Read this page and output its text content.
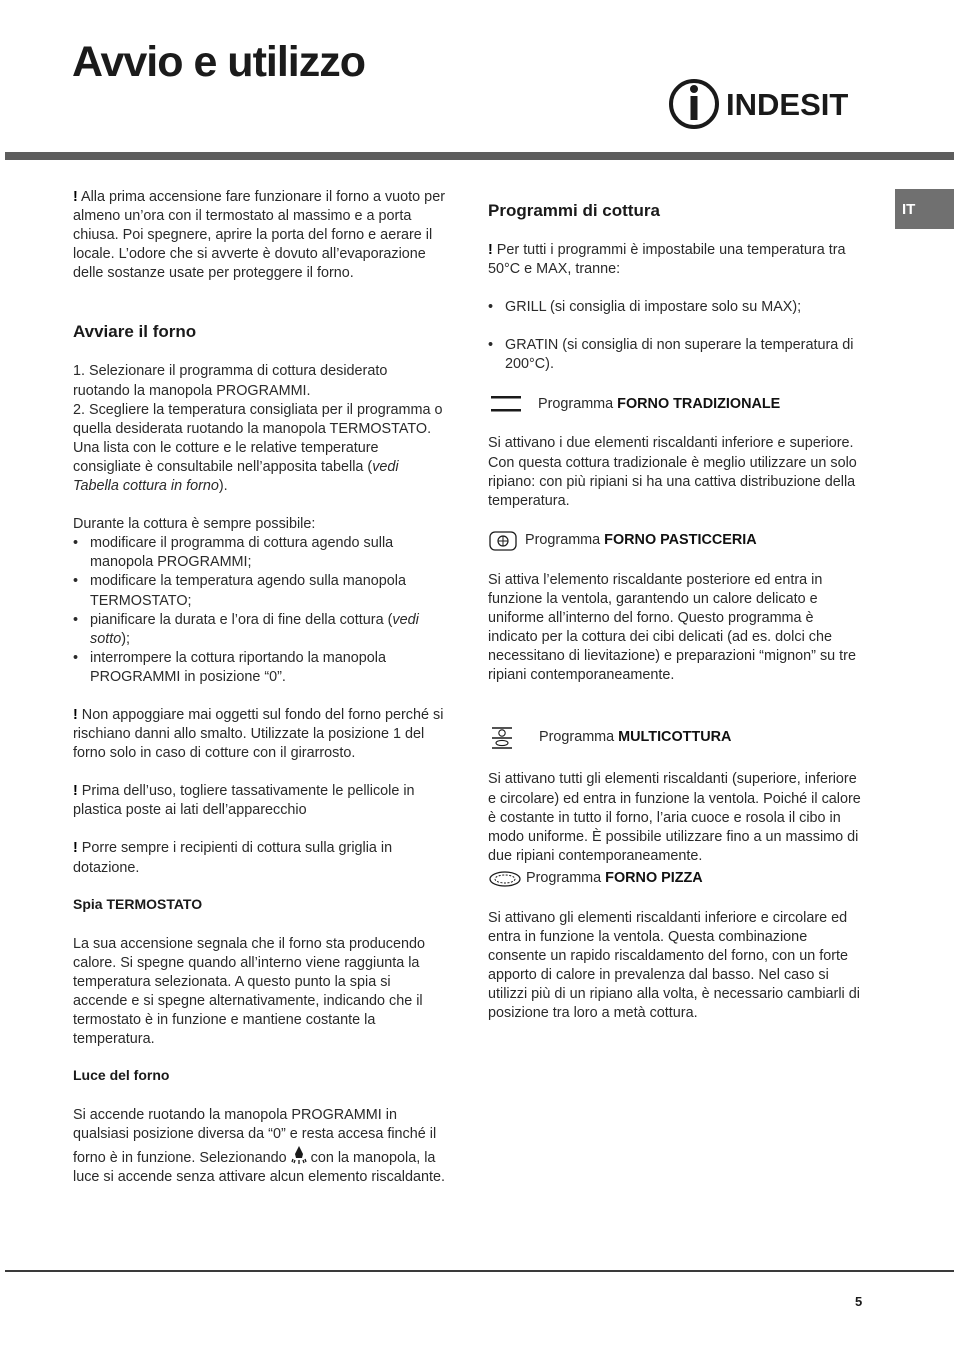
Avvio e utilizzo
INDESIT
IT

! Alla prima accensione fare funzionare il forno a vuoto per almeno un’ora con il termostato al massimo e a porta chiusa. Poi spegnere, aprire la porta del forno e aerare il locale. L’odore che si avverte è dovuto all’evaporazione delle sostanze usate per proteggere il forno.

Avviare il forno

1. Selezionare il programma di cottura desiderato ruotando la manopola PROGRAMMI.

2. Scegliere la temperatura consigliata per il programma o quella desiderata ruotando la manopola TERMOSTATO.

Una lista con le cotture e le relative temperature consigliate è consultabile nell’apposita tabella (vedi Tabella cottura in forno).

Durante la cottura è sempre possibile:

• modificare il programma di cottura agendo sulla manopola PROGRAMMI;
• modificare la temperatura agendo sulla manopola TERMOSTATO;
• pianificare la durata e l’ora di fine della cottura (vedi sotto);
• interrompere la cottura riportando la manopola PROGRAMMI in posizione “0”.

! Non appoggiare mai oggetti sul fondo del forno perché si rischiano danni allo smalto. Utilizzate la posizione 1 del forno solo in caso di cotture con il girarrosto.

! Prima dell’uso, togliere tassativamente le pellicole in plastica poste ai lati dell’apparecchio

! Porre sempre i recipienti di cottura sulla griglia in dotazione.

Spia TERMOSTATO

La sua accensione segnala che il forno sta producendo calore. Si spegne quando all’interno viene raggiunta la temperatura selezionata. A questo punto la spia si accende e si spegne alternativamente, indicando che il termostato è in funzione e mantiene costante la temperatura.

Luce del forno

Si accende ruotando la manopola PROGRAMMI in qualsiasi posizione diversa da “0” e resta accesa finché il forno è in funzione. Selezionando con la manopola, la luce si accende senza attivare alcun elemento riscaldante.

Programmi di cottura

! Per tutti i programmi è impostabile una temperatura tra 50°C e MAX, tranne:

• GRILL (si consiglia di impostare solo su MAX);
• GRATIN (si consiglia di non superare la temperatura di 200°C).
Programma FORNO TRADIZIONALE

Si attivano i due elementi riscaldanti inferiore e superiore. Con questa cottura tradizionale è meglio utilizzare un solo ripiano: con più ripiani si ha una cattiva distribuzione della temperatura.

Programma FORNO PASTICCERIA

Si attiva l’elemento riscaldante posteriore ed entra in funzione la ventola, garantendo un calore delicato e uniforme all’interno del forno. Questo programma è indicato per la cottura dei cibi delicati (ad es. dolci che necessitano di lievitazione) e preparazioni “mignon” su tre ripiani contemporaneamente.

Programma MULTICOTTURA

Si attivano tutti gli elementi riscaldanti (superiore, inferiore e circolare) ed entra in funzione la ventola. Poiché il calore è costante in tutto il forno, l’aria cuoce e rosola il cibo in modo uniforme. È possibile utilizzare fino a un massimo di due ripiani contemporaneamente.

Programma FORNO PIZZA

Si attivano gli elementi riscaldanti inferiore e circolare ed entra in funzione la ventola. Questa combinazione consente un rapido riscaldamento del forno, con un forte apporto di calore in prevalenza dal basso. Nel caso si utilizzi più di un ripiano alla volta, è necessario cambiarli di posizione tra loro a metà cottura.

5
